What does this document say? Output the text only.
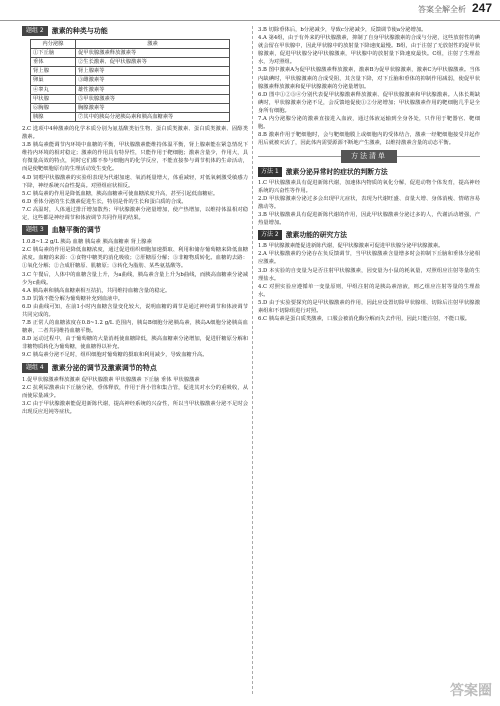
答案全解全析 247
题组 2	激素的种类与功能
内分泌腺	激素
①下丘脑	促甲状腺激素释放激素等
垂体	②生长激素、促甲状腺激素等
肾上腺	肾上腺素等
卵巢	③雌激素等
④睾丸	雄性激素等
甲状腺	⑤甲状腺激素等
⑥胸腺	胸腺激素等
胰腺	⑦其中的胰岛分泌胰岛素和胰高血糖素等

2.C 选项中4种激素的化学本质分别为氨基酸类衍生物、蛋白质类激素、蛋白质类激素、固醇类激素。

3.B 胰岛素能调节内环境中血糖的平衡，甲状腺激素能维持体温平衡，肾上腺素能在紧急情况下维持内环境的相对稳定；激素的作用具有特异性，只能作用于靶细胞；激素含量少，作用大，具有微量高效的特点，同时它们都不参与细胞内的化学反应，不能直接参与调节机体的生命活动，而是使靶细胞原有的生理活动发生变化。

4.D 饲喂甲状腺激素的实验组表现为代谢加速、氧消耗量增大，体重减轻，对低氧刺激受敏感力下降，神经系统兴奋性提高。对照组症状相反。

5.C 胰岛素的作用是降低血糖，胰高血糖素可使血糖浓度升高，甚至引起低血糖症。

6.D 垂体分泌的生长激素促进生长，特别是骨的生长和蛋白质的合成。

7.C 高温时，人体通过排汗增加散热；甲状腺激素分泌量增加，使产热增加，以维持体温相对稳定，这些都是神经调节和体液调节共同作用的结果。

题组 3	血糖平衡的调节

1.0.8~1.2 g/L 胰岛 血糖 胰岛素 胰高血糖素 肾上腺素

2.C 胰岛素的作用是降低血糖浓度，通过促进组织细胞加速摄取、利用和储存葡萄糖来降低血糖浓度。血糖的来源：①食物中糖类的消化吸收；②肝糖原分解；③非糖物质转化。血糖的去路：①氧化分解；②合成肝糖原、肌糖原；③转化为脂肪、某些氨基酸等。

3.C 午餐后，人体中的血糖含量上升，为a曲线，胰岛素含量上升为b曲线，而胰高血糖素分泌减少为c曲线。

4.A 胰岛素和胰高血糖素相互拮抗，共同维持血糖含量的稳定。

5.D 饥饿不能分解为葡萄糖补充到血液中。

6.D 由曲线可知，在前1小时内血糖含量变化较大，说明血糖的调节是通过神经调节和体液调节共同完成的。

7.B 正常人的血糖浓度在0.8~1.2 g/L 范围内，胰岛B细胞分泌胰岛素，胰岛A细胞分泌胰高血糖素，二者共同维持血糖平衡。

8.D 运动过程中，由于葡萄糖的大量消耗使血糖降低，胰高血糖素分泌增加，促进肝糖原分解和非糖物质转化为葡萄糖，使血糖得以补充。

9.C 胰岛素分泌不足时，组织细胞对葡萄糖的摄取和利用减少，导致血糖升高。

题组 4	激素分泌的调节及激素调节的特点

1.促甲状腺激素释放激素 促甲状腺激素 甲状腺激素 下丘脑 垂体 甲状腺激素

2.C 抗利尿激素由下丘脑分泌，垂体释放，作用于肾小管和集合管，促进其对水分的重吸收，从而使尿量减少。

3.C 由于甲状腺激素能促进新陈代谢，提高神经系统的兴奋性，所以当甲状腺激素分泌不足时会出现反应迟钝等症状。

3.B 切除垂体后，b分泌减少，导致c分泌减少，反馈调节使a分泌增加。

4.A 第4组，由于有外来的甲状腺激素，抑制了自身甲状腺激素的合成与分泌，这些放射性的碘就会留在甲状腺中，因此甲状腺中的放射量下降速度最慢。B组，由于注射了无放射性的促甲状腺激素，促进甲状腺分泌甲状腺激素，甲状腺中的放射量下降速度最快。C组，注射了生理盐水，为对照组。

5.B 图中激素A为促甲状腺激素释放激素，激素B为促甲状腺激素，激素C为甲状腺激素。当体内缺碘时，甲状腺激素的合成受阻，其含量下降，对下丘脑和垂体的抑制作用减弱，使促甲状腺激素释放激素和促甲状腺激素的分泌量增加。

6.D 图中①②③④分别代表促甲状腺激素释放激素、促甲状腺激素和甲状腺激素。人体长期缺碘时，甲状腺激素分泌不足，会反馈地促使①②分泌增加；甲状腺激素作用的靶细胞几乎是全身所有细胞。

7.A 内分泌腺分泌的激素直接进入血液，通过体液运输到全身各处，只作用于靶器官、靶细胞。

8.B 激素作用于靶细胞时，会与靶细胞膜上或细胞内的受体结合，激素一经靶细胞接受并起作用后就被灭活了，因此体内需要源源不断地产生激素，以维持激素含量的动态平衡。

方法清单
方法 1	激素分泌异常时的症状的判断方法

1.C 甲状腺激素具有促进新陈代谢，加速体内物质的氧化分解，促进动物个体发育，提高神经系统的兴奋性等作用。

2.D 甲状腺激素分泌过多会出现甲亢症状，表现为代谢旺盛、食量大增、身体消瘦、情绪容易激动等。

3.B 甲状腺激素具有促进新陈代谢的作用，因此甲状腺激素分泌过多的人，代谢活动增强，产热量增加。

方法 2	激素功能的研究方法

1.B 甲状腺激素能促进新陈代谢，促甲状腺激素可促进甲状腺分泌甲状腺激素。

2.A 甲状腺激素的分泌存在负反馈调节，当甲状腺激素含量增多时会抑制下丘脑和垂体分泌相应激素。

3.D 本实验的自变量为是否注射甲状腺激素，因变量为小鼠的耗氧量，对照组应注射等量的生理盐水。

4.C 对照实验应遵循单一变量原则，甲组注射的是胰岛素溶液，则乙组应注射等量的生理盐水。

5.D 由于实验要探究的是甲状腺激素的作用，因此应设置切除甲状腺组、切除后注射甲状腺激素组和不切除组进行对照。

6.C 胰岛素是蛋白质类激素，口服会被消化酶分解而失去作用，因此只能注射，不能口服。

答案圈
